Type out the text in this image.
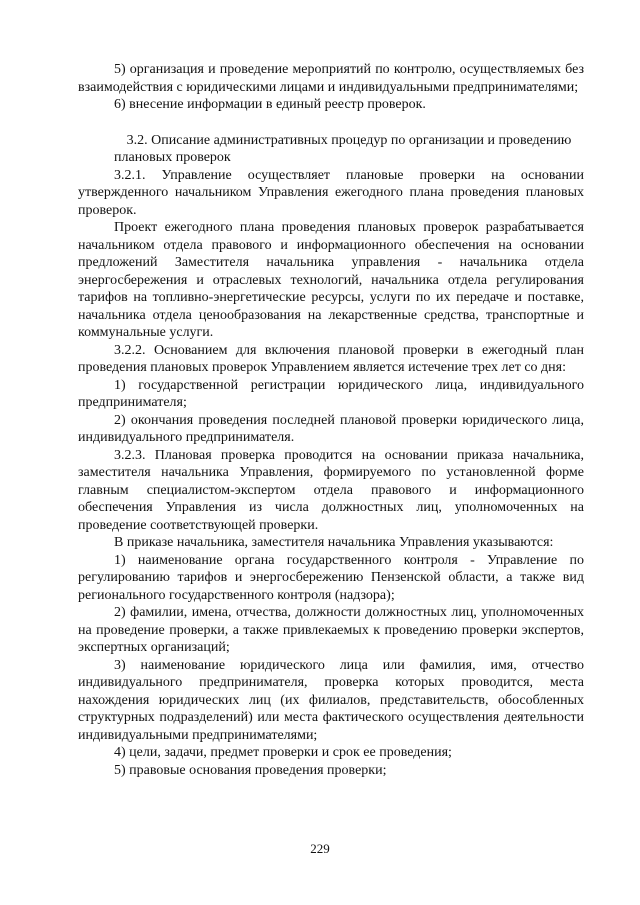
5) организация и проведение мероприятий по контролю, осуществляемых без взаимодействия с юридическими лицами и индивидуальными предпринимателями;

6) внесение информации в единый реестр проверок.

3.2. Описание административных процедур по организации и проведению плановых проверок

3.2.1. Управление осуществляет плановые проверки на основании утвержденного начальником Управления ежегодного плана проведения плановых проверок.

Проект ежегодного плана проведения плановых проверок разрабатывается начальником отдела правового и информационного обеспечения на основании предложений Заместителя начальника управления - начальника отдела энергосбережения и отраслевых технологий, начальника отдела регулирования тарифов на топливно-энергетические ресурсы, услуги по их передаче и поставке, начальника отдела ценообразования на лекарственные средства, транспортные и коммунальные услуги.

3.2.2. Основанием для включения плановой проверки в ежегодный план проведения плановых проверок Управлением является истечение трех лет со дня:

1) государственной регистрации юридического лица, индивидуального предпринимателя;

2) окончания проведения последней плановой проверки юридического лица, индивидуального предпринимателя.

3.2.3. Плановая проверка проводится на основании приказа начальника, заместителя начальника Управления, формируемого по установленной форме главным специалистом-экспертом отдела правового и информационного обеспечения Управления из числа должностных лиц, уполномоченных на проведение соответствующей проверки.

В приказе начальника, заместителя начальника Управления указываются:

1) наименование органа государственного контроля - Управление по регулированию тарифов и энергосбережению Пензенской области, а также вид регионального государственного контроля (надзора);

2) фамилии, имена, отчества, должности должностных лиц, уполномоченных на проведение проверки, а также привлекаемых к проведению проверки экспертов, экспертных организаций;

3) наименование юридического лица или фамилия, имя, отчество индивидуального предпринимателя, проверка которых проводится, места нахождения юридических лиц (их филиалов, представительств, обособленных структурных подразделений) или места фактического осуществления деятельности индивидуальными предпринимателями;

4) цели, задачи, предмет проверки и срок ее проведения;

5) правовые основания проведения проверки;

229
